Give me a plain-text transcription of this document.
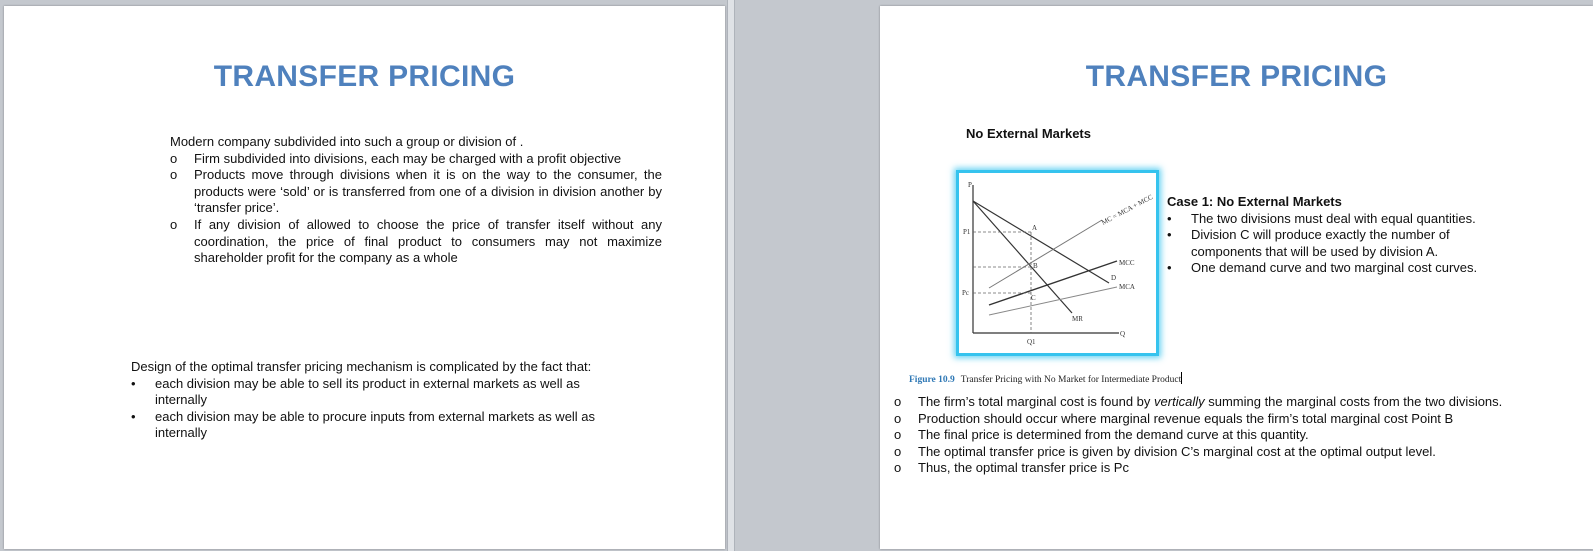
TRANSFER PRICING
Modern company subdivided into such a group or division of .
o Firm subdivided into divisions, each may be charged with a profit objective
o Products move through divisions when it is on the way to the consumer, the products were ‘sold’ or is transferred from one of a division in division another by ‘transfer price’.
o If any division of allowed to choose the price of transfer itself without any coordination, the price of final product to consumers may not maximize shareholder profit for the company as a whole
Design of the optimal transfer pricing mechanism is complicated by the fact that:
• each division may be able to sell its product in external markets as well as internally
• each division may be able to procure inputs from external markets as well as internally
TRANSFER PRICING
No External Markets
P
Q
P1
Pc
Q1
A
B
C
D
MR
MCC
MCA
MC = MCA + MCC
Figure 10.9 Transfer Pricing with No Market for Intermediate Product
Case 1: No External Markets
• The two divisions must deal with equal quantities.
• Division C will produce exactly the number of components that will be used by division A.
• One demand curve and two marginal cost curves.
o The firm’s total marginal cost is found by vertically summing the marginal costs from the two divisions.
o Production should occur where marginal revenue equals the firm’s total marginal cost Point B
o The final price is determined from the demand curve at this quantity.
o The optimal transfer price is given by division C’s marginal cost at the optimal output level.
o Thus, the optimal transfer price is Pc
